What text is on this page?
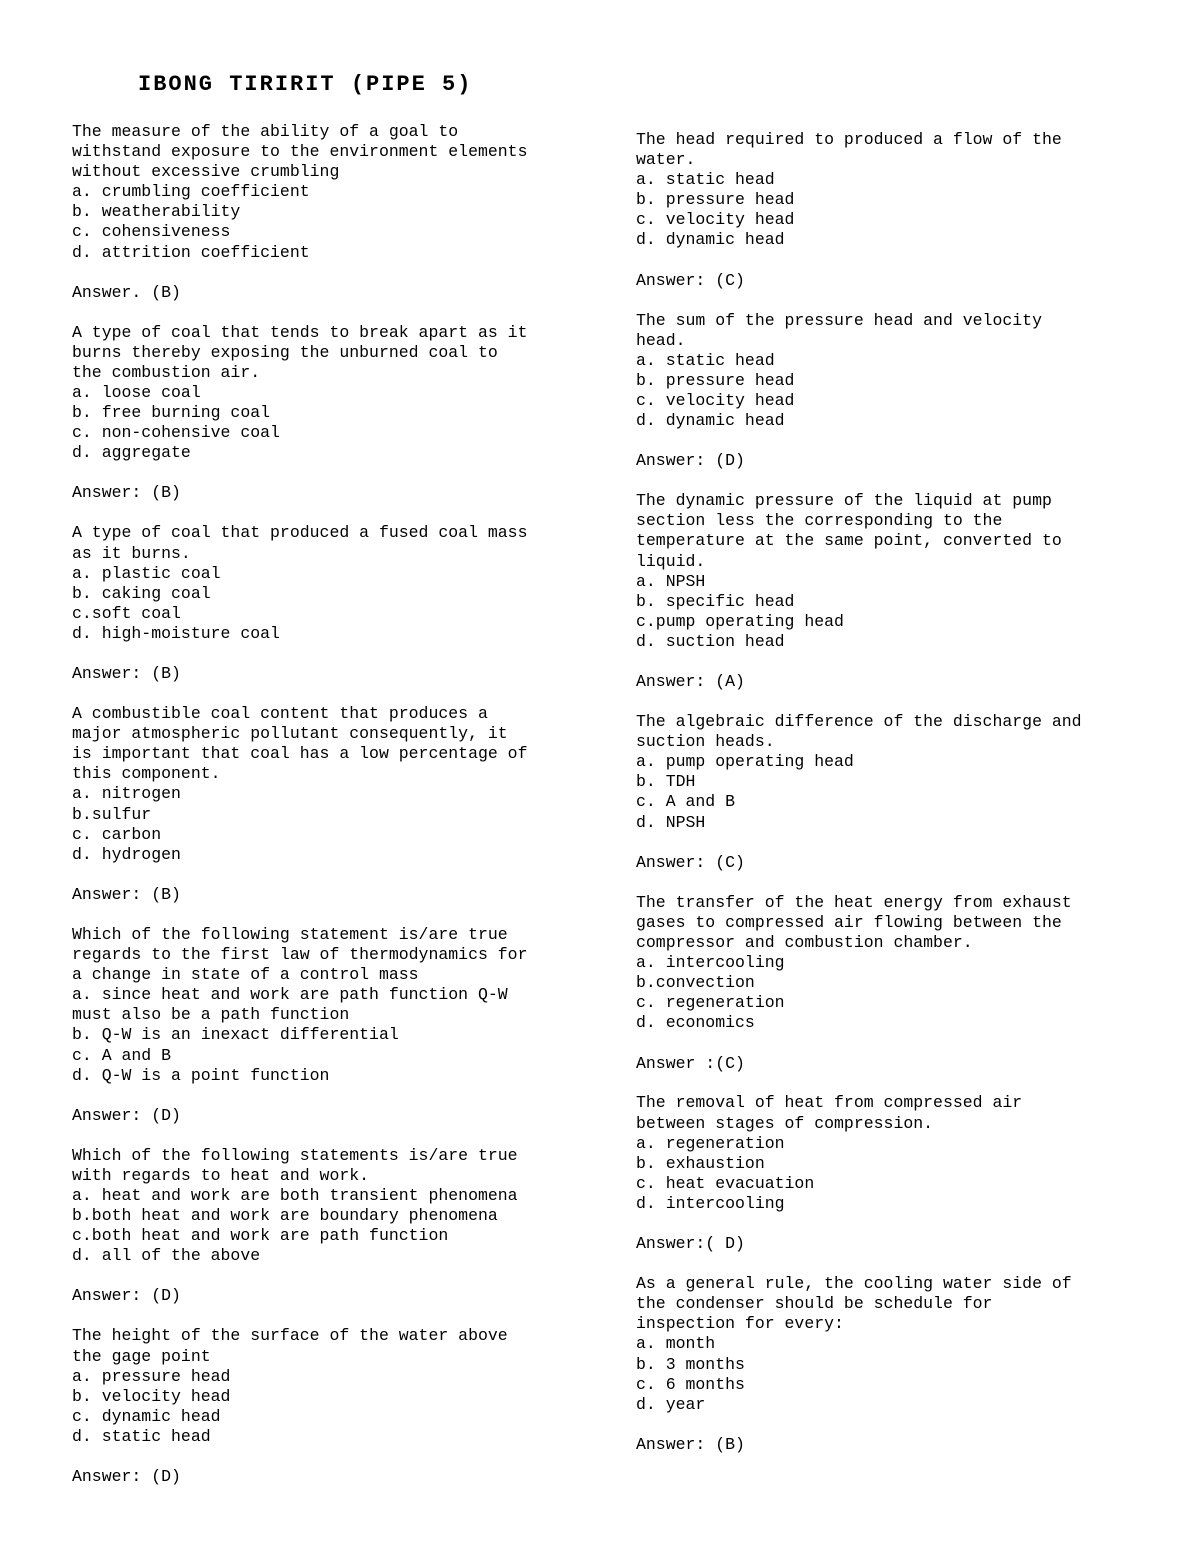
IBONG TIRIRIT (PIPE 5)
The measure of the ability of a goal to
withstand exposure to the environment elements
without excessive crumbling
a. crumbling coefficient
b. weatherability
c. cohensiveness
d. attrition coefficient
Answer. (B)
A type of coal that tends to break apart as it
burns thereby exposing the unburned coal to
the combustion air.
a. loose coal
b. free burning coal
c. non-cohensive coal
d. aggregate
Answer: (B)
A type of coal that produced a fused coal mass
as it burns.
a. plastic coal
b. caking coal
c.soft coal
d. high-moisture coal
Answer: (B)
A combustible coal content that produces a
major atmospheric pollutant consequently, it
is important that coal has a low percentage of
this component.
a. nitrogen
b.sulfur
c. carbon
d. hydrogen
Answer: (B)
Which of the following statement is/are true
regards to the first law of thermodynamics for
a change in state of a control mass
a. since heat and work are path function Q-W
must also be a path function
b. Q-W is an inexact differential
c. A and B
d. Q-W is a point function
Answer: (D)
Which of the following statements is/are true
with regards to heat and work.
a. heat and work are both transient phenomena
b.both heat and work are boundary phenomena
c.both heat and work are path function
d. all of the above
Answer: (D)
The height of the surface of the water above
the gage point
a. pressure head
b. velocity head
c. dynamic head
d. static head
Answer: (D)
The head required to produced a flow of the
water.
a. static head
b. pressure head
c. velocity head
d. dynamic head
Answer: (C)
The sum of the pressure head and velocity
head.
a. static head
b. pressure head
c. velocity head
d. dynamic head
Answer: (D)
The dynamic pressure of the liquid at pump
section less the corresponding to the
temperature at the same point, converted to
liquid.
a. NPSH
b. specific head
c.pump operating head
d. suction head
Answer: (A)
The algebraic difference of the discharge and
suction heads.
a. pump operating head
b. TDH
c. A and B
d. NPSH
Answer: (C)
The transfer of the heat energy from exhaust
gases to compressed air flowing between the
compressor and combustion chamber.
a. intercooling
b.convection
c. regeneration
d. economics
Answer :(C)
The removal of heat from compressed air
between stages of compression.
a. regeneration
b. exhaustion
c. heat evacuation
d. intercooling
Answer:( D)
As a general rule, the cooling water side of
the condenser should be schedule for
inspection for every:
a. month
b. 3 months
c. 6 months
d. year
Answer: (B)
